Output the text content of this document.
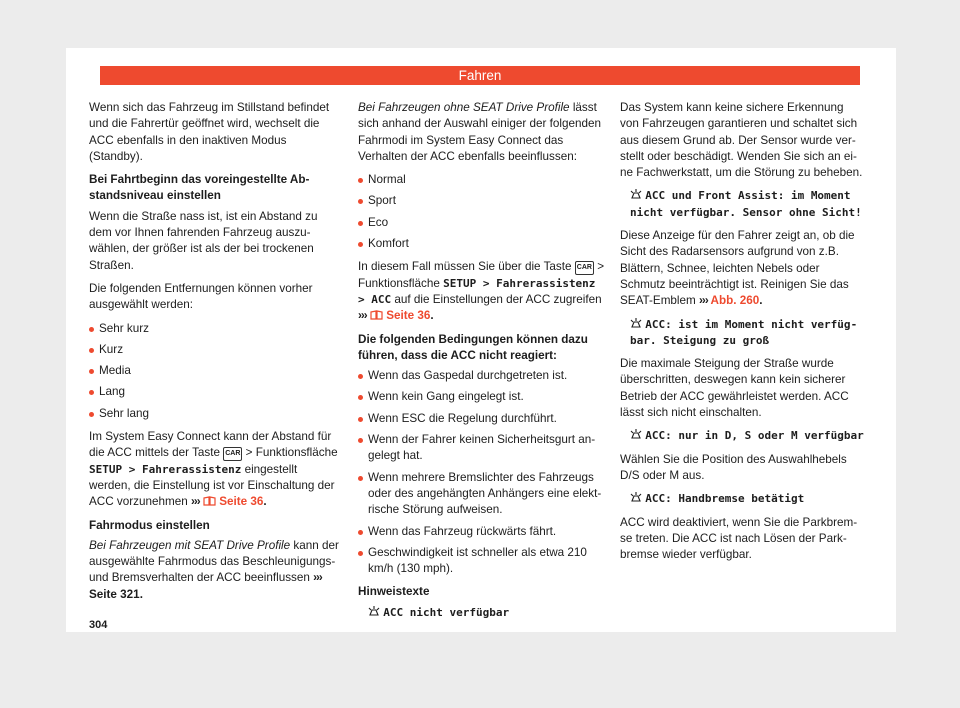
Fahren

Wenn sich das Fahrzeug im Stillstand befindet und die Fahrertür geöffnet wird, wechselt die ACC ebenfalls in den inaktiven Modus (Standby).

Bei Fahrtbeginn das voreingestellte Abstandsniveau einstellen

Wenn die Straße nass ist, ist ein Abstand zu dem vor Ihnen fahrenden Fahrzeug auszuwählen, der größer ist als der bei trockenen Straßen.

Die folgenden Entfernungen können vorher ausgewählt werden:

Sehr kurz
Kurz
Media
Lang
Sehr lang

Im System Easy Connect kann der Abstand für die ACC mittels der Taste CAR > Funktionsfläche SETUP > Fahrerassistenz eingestellt werden, die Einstellung ist vor Einschaltung der ACC vorzunehmen ››› Seite 36.

Fahrmodus einstellen

Bei Fahrzeugen mit SEAT Drive Profile kann der ausgewählte Fahrmodus das Beschleunigungs- und Bremsverhalten der ACC beeinflussen ››› Seite 321.

Bei Fahrzeugen ohne SEAT Drive Profile lässt sich anhand der Auswahl einiger der folgenden Fahrmodi im System Easy Connect das Verhalten der ACC ebenfalls beeinflussen:

Normal
Sport
Eco
Komfort

In diesem Fall müssen Sie über die Taste CAR > Funktionsfläche SETUP > Fahrerassistenz > ACC auf die Einstellungen der ACC zugreifen ››› Seite 36.

Die folgenden Bedingungen können dazu führen, dass die ACC nicht reagiert:
Wenn das Gaspedal durchgetreten ist.
Wenn kein Gang eingelegt ist.
Wenn ESC die Regelung durchführt.
Wenn der Fahrer keinen Sicherheitsgurt angelegt hat.
Wenn mehrere Bremslichter des Fahrzeugs oder des angehängten Anhängers eine elektrische Störung aufweisen.
Wenn das Fahrzeug rückwärts fährt.
Geschwindigkeit ist schneller als etwa 210 km/h (130 mph).
Hinweistexte
ACC nicht verfügbar

Das System kann keine sichere Erkennung von Fahrzeugen garantieren und schaltet sich aus diesem Grund ab. Der Sensor wurde verstellt oder beschädigt. Wenden Sie sich an eine Fachwerkstatt, um die Störung zu beheben.

ACC und Front Assist: im Moment nicht verfügbar. Sensor ohne Sicht!

Diese Anzeige für den Fahrer zeigt an, ob die Sicht des Radarsensors aufgrund von z.B. Blättern, Schnee, leichten Nebels oder Schmutz beeinträchtigt ist. Reinigen Sie das SEAT-Emblem ››› Abb. 260.

ACC: ist im Moment nicht verfügbar. Steigung zu groß

Die maximale Steigung der Straße wurde überschritten, deswegen kann kein sicherer Betrieb der ACC gewährleistet werden. ACC lässt sich nicht einschalten.

ACC: nur in D, S oder M verfügbar

Wählen Sie die Position des Auswahlhebels D/S oder M aus.

ACC: Handbremse betätigt

ACC wird deaktiviert, wenn Sie die Parkbremse treten. Die ACC ist nach Lösen der Parkbremse wieder verfügbar.

304
